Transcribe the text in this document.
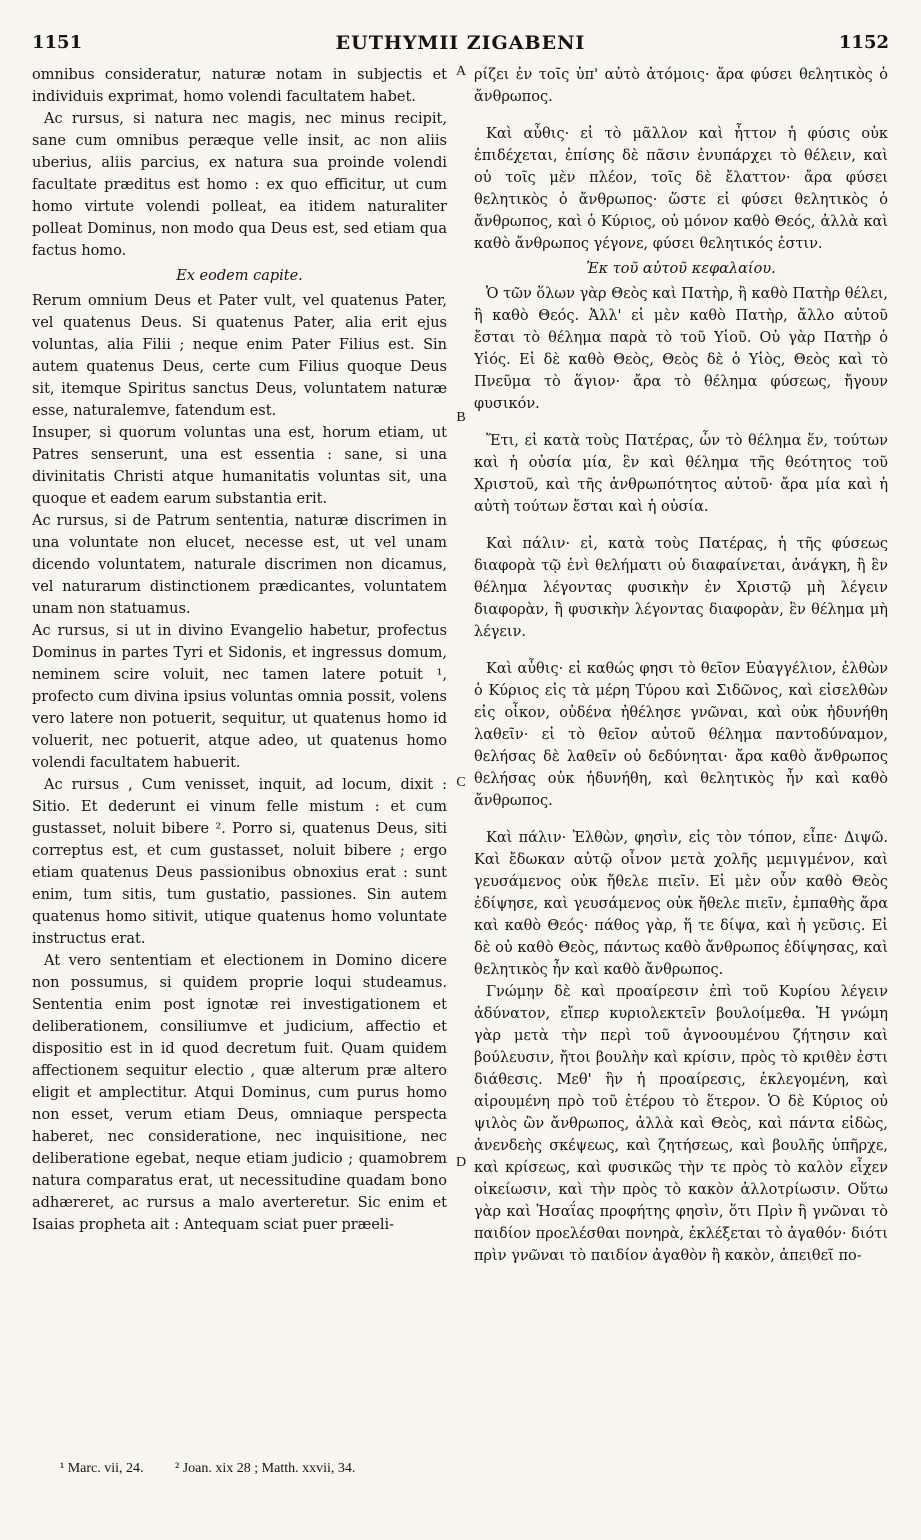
1151	EUTHYMII ZIGABENI	1152

omnibus consideratur, naturæ notam in subjectis et individuis exprimat, homo volendi facultatem habet.

Ac rursus, si natura nec magis, nec minus recipit, sane cum omnibus peræque velle insit, ac non aliis uberius, aliis parcius, ex natura sua proinde volendi facultate præditus est homo : ex quo efficitur, ut cum homo virtute volendi polleat, ea itidem naturaliter polleat Dominus, non modo qua Deus est, sed etiam qua factus homo.

Ex eodem capite.

Rerum omnium Deus et Pater vult, vel quatenus Pater, vel quatenus Deus. Si quatenus Pater, alia erit ejus voluntas, alia Filii ; neque enim Pater Filius est. Sin autem quatenus Deus, certe cum Filius quoque Deus sit, itemque Spiritus sanctus Deus, voluntatem naturæ esse, naturalemve, fatendum est.

Insuper, si quorum voluntas una est, horum etiam, ut Patres senserunt, una est essentia : sane, si una divinitatis Christi atque humanitatis voluntas sit, una quoque et eadem earum substantia erit.

Ac rursus, si de Patrum sententia, naturæ discrimen in una voluntate non elucet, necesse est, ut vel unam dicendo voluntatem, naturale discrimen non dicamus, vel naturarum distinctionem prædicantes, voluntatem unam non statuamus.

Ac rursus, si ut in divino Evangelio habetur, profectus Dominus in partes Tyri et Sidonis, et ingressus domum, neminem scire voluit, nec tamen latere potuit ¹, profecto cum divina ipsius voluntas omnia possit, volens vero latere non potuerit, sequitur, ut quatenus homo id voluerit, nec potuerit, atque adeo, ut quatenus homo volendi facultatem habuerit.

Ac rursus , Cum venisset, inquit, ad locum, dixit : Sitio. Et dederunt ei vinum felle mistum : et cum gustasset, noluit bibere ². Porro si, quatenus Deus, siti correptus est, et cum gustasset, noluit bibere ; ergo etiam quatenus Deus passionibus obnoxius erat : sunt enim, tum sitis, tum gustatio, passiones. Sin autem quatenus homo sitivit, utique quatenus homo voluntate instructus erat.

At vero sententiam et electionem in Domino dicere non possumus, si quidem proprie loqui studeamus. Sententia enim post ignotæ rei investigationem et deliberationem, consiliumve et judicium, affectio et dispositio est in id quod decretum fuit. Quam quidem affectionem sequitur electio , quæ alterum præ altero eligit et amplectitur. Atqui Dominus, cum purus homo non esset, verum etiam Deus, omniaque perspecta haberet, nec consideratione, nec inquisitione, nec deliberatione egebat, neque etiam judicio ; quamobrem natura comparatus erat, ut necessitudine quadam bono adhæreret, ac rursus a malo averteretur. Sic enim et Isaias propheta ait : Antequam sciat puer præeli-

ρίζει ἐν τοῖς ὑπ' αὐτὸ ἀτόμοις· ἄρα φύσει θελητικὸς ὁ ἄνθρωπος.

Καὶ αὖθις· εἰ τὸ μᾶλλον καὶ ἧττον ἡ φύσις οὐκ ἐπιδέχεται, ἐπίσης δὲ πᾶσιν ἐνυπάρχει τὸ θέλειν, καὶ οὐ τοῖς μὲν πλέον, τοῖς δὲ ἔλαττον· ἄρα φύσει θελητικὸς ὁ ἄνθρωπος· ὥστε εἰ φύσει θελητικὸς ὁ ἄνθρωπος, καὶ ὁ Κύριος, οὐ μόνον καθὸ Θεός, ἀλλὰ καὶ καθὸ ἄνθρωπος γέγονε, φύσει θελητικός ἐστιν.

Ἐκ τοῦ αὐτοῦ κεφαλαίου.

Ὁ τῶν ὅλων γὰρ Θεὸς καὶ Πατὴρ, ἢ καθὸ Πατὴρ θέλει, ἢ καθὸ Θεός. Ἀλλ' εἰ μὲν καθὸ Πατὴρ, ἄλλο αὐτοῦ ἔσται τὸ θέλημα παρὰ τὸ τοῦ Υἱοῦ. Οὐ γὰρ Πατὴρ ὁ Υἱός. Εἰ δὲ καθὸ Θεὸς, Θεὸς δὲ ὁ Υἱὸς, Θεὸς καὶ τὸ Πνεῦμα τὸ ἅγιον· ἄρα τὸ θέλημα φύσεως, ἤγουν φυσικόν.

Ἔτι, εἰ κατὰ τοὺς Πατέρας, ὧν τὸ θέλημα ἕν, τούτων καὶ ἡ οὐσία μία, ἓν καὶ θέλημα τῆς θεότητος τοῦ Χριστοῦ, καὶ τῆς ἀνθρωπότητος αὐτοῦ· ἄρα μία καὶ ἡ αὐτὴ τούτων ἔσται καὶ ἡ οὐσία.

Καὶ πάλιν· εἰ, κατὰ τοὺς Πατέρας, ἡ τῆς φύσεως διαφορὰ τῷ ἑνὶ θελήματι οὐ διαφαίνεται, ἀνάγκη, ἢ ἓν θέλημα λέγοντας φυσικὴν ἐν Χριστῷ μὴ λέγειν διαφορὰν, ἢ φυσικὴν λέγοντας διαφορὰν, ἓν θέλημα μὴ λέγειν.

Καὶ αὖθις· εἰ καθώς φησι τὸ θεῖον Εὐαγγέλιον, ἐλθὼν ὁ Κύριος εἰς τὰ μέρη Τύρου καὶ Σιδῶνος, καὶ εἰσελθὼν εἰς οἶκον, οὐδένα ἠθέλησε γνῶναι, καὶ οὐκ ἠδυνήθη λαθεῖν· εἰ τὸ θεῖον αὐτοῦ θέλημα παντοδύναμον, θελήσας δὲ λαθεῖν οὐ δεδύνηται· ἄρα καθὸ ἄνθρωπος θελήσας οὐκ ἠδυνήθη, καὶ θελητικὸς ἦν καὶ καθὸ ἄνθρωπος.

Καὶ πάλιν· Ἐλθὼν, φησὶν, εἰς τὸν τόπον, εἶπε· Διψῶ. Καὶ ἔδωκαν αὐτῷ οἶνον μετὰ χολῆς μεμιγμένον, καὶ γευσάμενος οὐκ ἤθελε πιεῖν. Εἰ μὲν οὖν καθὸ Θεὸς ἐδίψησε, καὶ γευσάμενος οὐκ ἤθελε πιεῖν, ἐμπαθὴς ἄρα καὶ καθὸ Θεός· πάθος γὰρ, ἥ τε δίψα, καὶ ἡ γεῦσις. Εἰ δὲ οὐ καθὸ Θεὸς, πάντως καθὸ ἄνθρωπος ἐδίψησας, καὶ θελητικὸς ἦν καὶ καθὸ ἄνθρωπος.

Γνώμην δὲ καὶ προαίρεσιν ἐπὶ τοῦ Κυρίου λέγειν ἀδύνατον, εἴπερ κυριολεκτεῖν βουλοίμεθα. Ἡ γνώμη γὰρ μετὰ τὴν περὶ τοῦ ἀγνοουμένου ζήτησιν καὶ βούλευσιν, ἤτοι βουλὴν καὶ κρίσιν, πρὸς τὸ κριθὲν ἐστι διάθεσις. Μεθ' ἣν ἡ προαίρεσις, ἐκλεγομένη, καὶ αἱρουμένη πρὸ τοῦ ἑτέρου τὸ ἕτερον. Ὁ δὲ Κύριος οὐ ψιλὸς ὢν ἄνθρωπος, ἀλλὰ καὶ Θεὸς, καὶ πάντα εἰδὼς, ἀνενδεὴς σκέψεως, καὶ ζητήσεως, καὶ βουλῆς ὑπῆρχε, καὶ κρίσεως, καὶ φυσικῶς τὴν τε πρὸς τὸ καλὸν εἶχεν οἰκείωσιν, καὶ τὴν πρὸς τὸ κακὸν ἀλλοτρίωσιν. Οὕτω γὰρ καὶ Ἡσαΐας προφήτης φησὶν, ὅτι Πρὶν ἢ γνῶναι τὸ παιδίον προελέσθαι πονηρὰ, ἐκλέξεται τὸ ἀγαθόν· διότι πρὶν γνῶναι τὸ παιδίον ἀγαθὸν ἢ κακὸν, ἀπειθεῖ πο-

A
B
C
D
¹ Marc. vii, 24. ² Joan. xix 28 ; Matth. xxvii, 34.
